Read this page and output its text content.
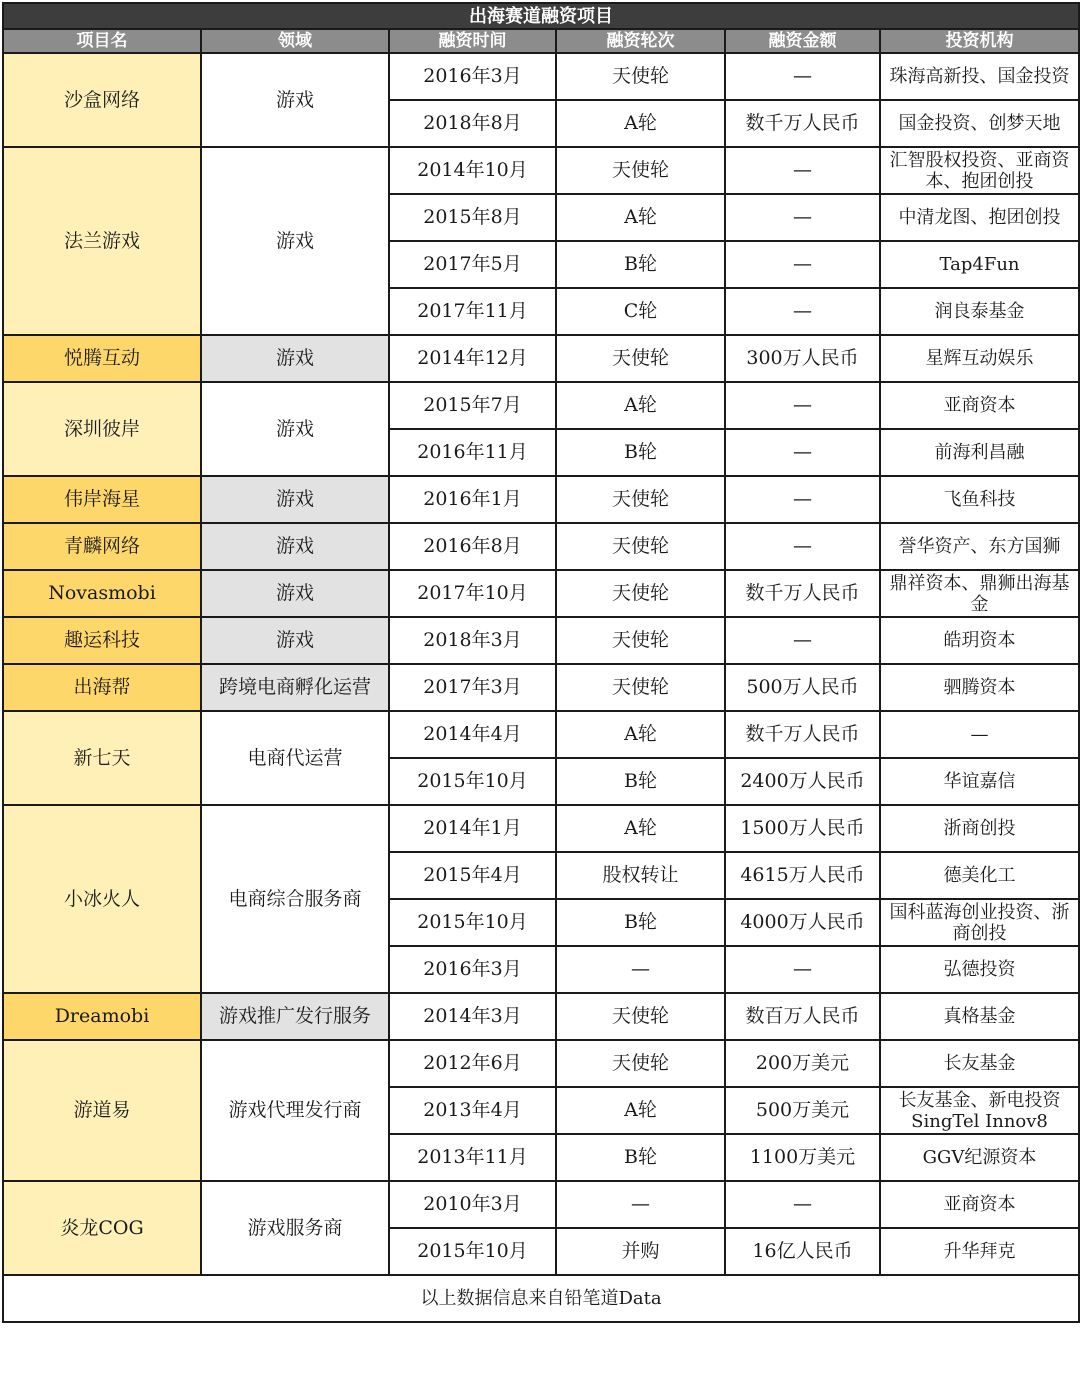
出海赛道融资项目					
项目名	领域	融资时间	融资轮次	融资金额	投资机构
沙盒网络	游戏	2016年3月	天使轮	—	珠海高新投、国金投资
		2018年8月	A轮	数千万人民币	国金投资、创梦天地
法兰游戏	游戏	2014年10月	天使轮	—	汇智股权投资、亚商资本、抱团创投
		2015年8月	A轮	—	中清龙图、抱团创投
		2017年5月	B轮	—	Tap4Fun
		2017年11月	C轮	—	润良泰基金
悦腾互动	游戏	2014年12月	天使轮	300万人民币	星辉互动娱乐
深圳彼岸	游戏	2015年7月	A轮	—	亚商资本
		2016年11月	B轮	—	前海利昌融
伟岸海星	游戏	2016年1月	天使轮	—	飞鱼科技
青麟网络	游戏	2016年8月	天使轮	—	誉华资产、东方国狮
Novasmobi	游戏	2017年10月	天使轮	数千万人民币	鼎祥资本、鼎狮出海基金
趣运科技	游戏	2018年3月	天使轮	—	皓玥资本
出海帮	跨境电商孵化运营	2017年3月	天使轮	500万人民币	驷腾资本
新七天	电商代运营	2014年4月	A轮	数千万人民币	—
		2015年10月	B轮	2400万人民币	华谊嘉信
小冰火人	电商综合服务商	2014年1月	A轮	1500万人民币	浙商创投
		2015年4月	股权转让	4615万人民币	德美化工
		2015年10月	B轮	4000万人民币	国科蓝海创业投资、浙商创投
		2016年3月	—	—	弘德投资
Dreamobi	游戏推广发行服务	2014年3月	天使轮	数百万人民币	真格基金
游道易	游戏代理发行商	2012年6月	天使轮	200万美元	长友基金
		2013年4月	A轮	500万美元	长友基金、新电投资SingTel Innov8
		2013年11月	B轮	1100万美元	GGV纪源资本
炎龙COG	游戏服务商	2010年3月	—	—	亚商资本
		2015年10月	并购	16亿人民币	升华拜克
以上数据信息来自铅笔道Data					
